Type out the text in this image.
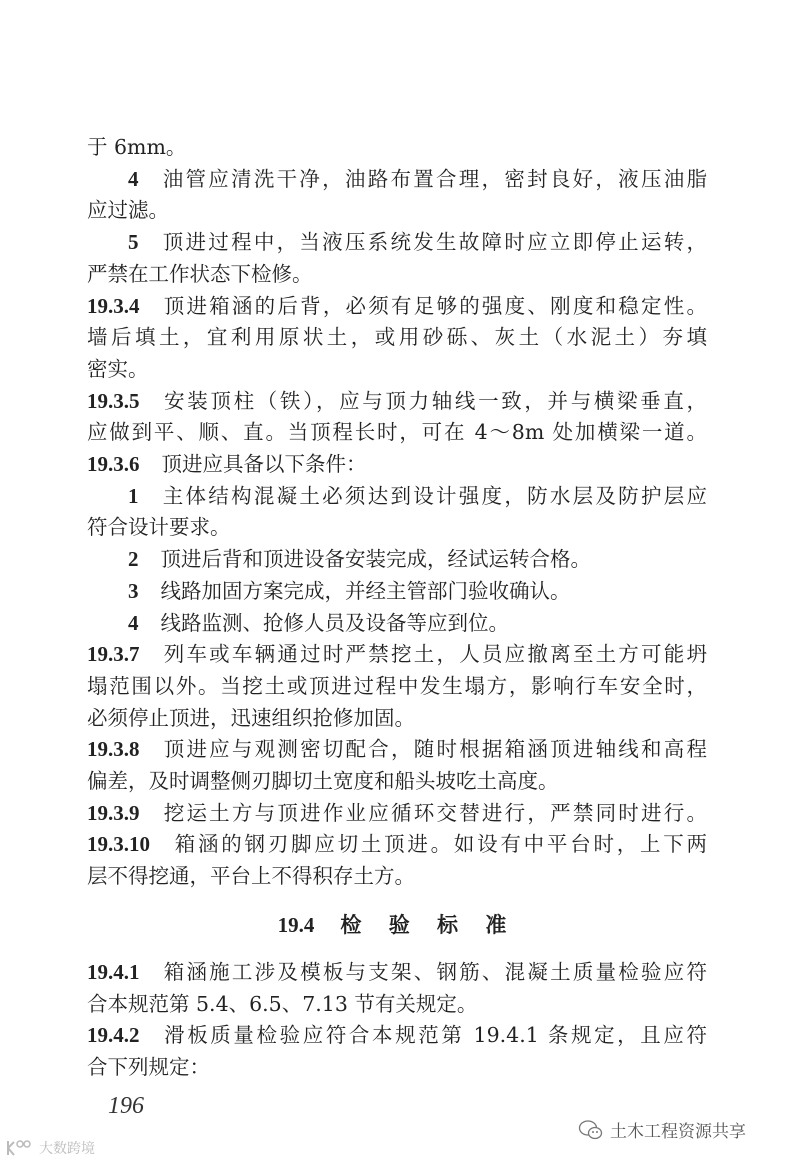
于 6mm。
4 油管应清洗干净，油路布置合理，密封良好，液压油脂
应过滤。
5 顶进过程中，当液压系统发生故障时应立即停止运转，
严禁在工作状态下检修。
19.3.4 顶进箱涵的后背，必须有足够的强度、刚度和稳定性。
墙后填土，宜利用原状土，或用砂砾、灰土（水泥土）夯填
密实。
19.3.5 安装顶柱（铁），应与顶力轴线一致，并与横梁垂直，
应做到平、顺、直。当顶程长时，可在 4～8m 处加横梁一道。
19.3.6 顶进应具备以下条件：
1 主体结构混凝土必须达到设计强度，防水层及防护层应
符合设计要求。
2 顶进后背和顶进设备安装完成，经试运转合格。
3 线路加固方案完成，并经主管部门验收确认。
4 线路监测、抢修人员及设备等应到位。
19.3.7 列车或车辆通过时严禁挖土，人员应撤离至土方可能坍
塌范围以外。当挖土或顶进过程中发生塌方，影响行车安全时，
必须停止顶进，迅速组织抢修加固。
19.3.8 顶进应与观测密切配合，随时根据箱涵顶进轴线和高程
偏差，及时调整侧刃脚切土宽度和船头坡吃土高度。
19.3.9 挖运土方与顶进作业应循环交替进行，严禁同时进行。
19.3.10 箱涵的钢刃脚应切土顶进。如设有中平台时，上下两
层不得挖通，平台上不得积存土方。
19.4.1 箱涵施工涉及模板与支架、钢筋、混凝土质量检验应符
合本规范第 5.4、6.5、7.13 节有关规定。
19.4.2 滑板质量检验应符合本规范第 19.4.1 条规定，且应符
合下列规定：
19.4 检 验 标 准
196
土木工程资源共享
大数跨境
